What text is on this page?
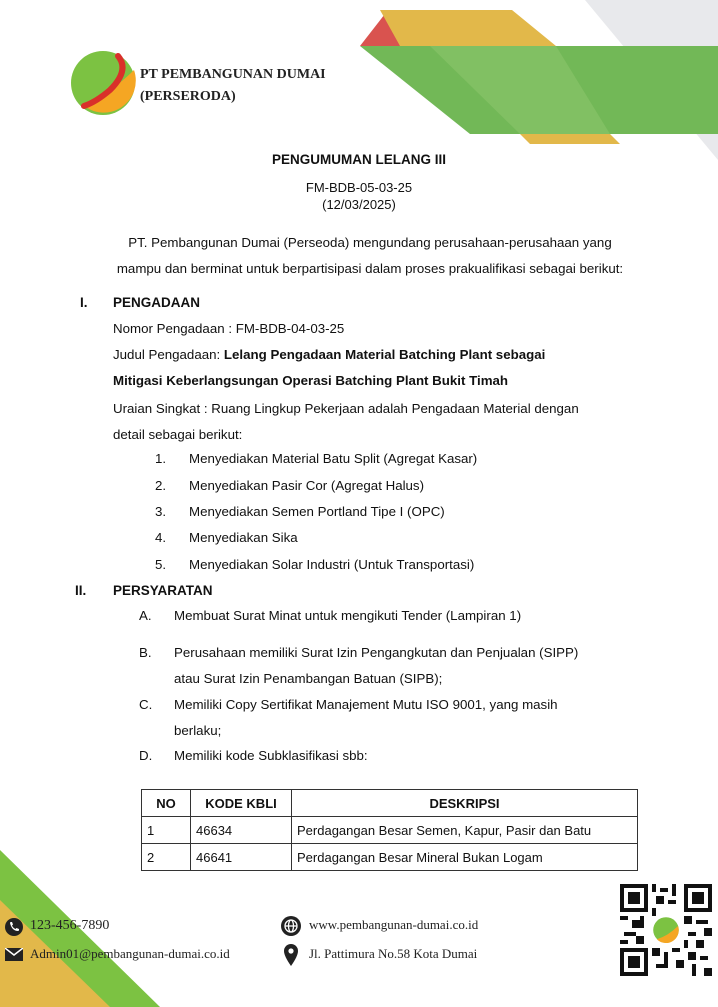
PT PEMBANGUNAN DUMAI
(PERSERODA)
PENGUMUMAN LELANG III
FM-BDB-05-03-25
(12/03/2025)
PT. Pembangunan Dumai (Perseoda) mengundang perusahaan-perusahaan yang
mampu dan berminat untuk berpartisipasi dalam proses prakualifikasi sebagai berikut:
I. PENGADAAN
Nomor Pengadaan : FM-BDB-04-03-25
Judul Pengadaan: Lelang Pengadaan Material Batching Plant sebagai
Mitigasi Keberlangsungan Operasi Batching Plant Bukit Timah
Uraian Singkat : Ruang Lingkup Pekerjaan adalah Pengadaan Material dengan
detail sebagai berikut:
1. Menyediakan Material Batu Split (Agregat Kasar)
2. Menyediakan Pasir Cor (Agregat Halus)
3. Menyediakan Semen Portland Tipe I (OPC)
4. Menyediakan Sika
5. Menyediakan Solar Industri (Untuk Transportasi)
II. PERSYARATAN
A. Membuat Surat Minat untuk mengikuti Tender (Lampiran 1)
B. Perusahaan memiliki Surat Izin Pengangkutan dan Penjualan (SIPP)
atau Surat Izin Penambangan Batuan (SIPB);
C. Memiliki Copy Sertifikat Manajement Mutu ISO 9001, yang masih
berlaku;
D. Memiliki kode Subklasifikasi sbb:
NO	KODE KBLI	DESKRIPSI
1	46634	Perdagangan Besar Semen, Kapur, Pasir dan Batu
2	46641	Perdagangan Besar Mineral Bukan Logam
123-456-7890
Admin01@pembangunan-dumai.co.id
www.pembangunan-dumai.co.id
Jl. Pattimura No.58 Kota Dumai
